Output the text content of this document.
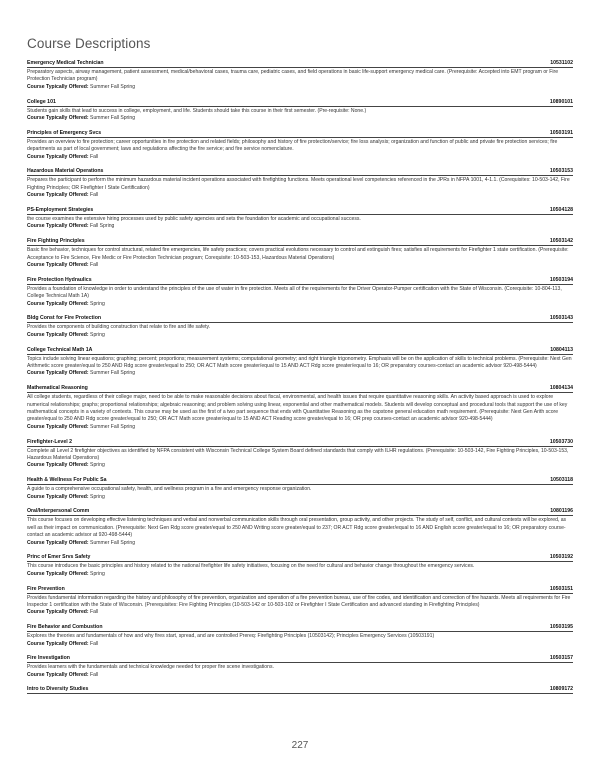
Course Descriptions
Emergency Medical Technician	10531102
Preparatory aspects, airway management, patient assessment, medical/behavioral cases, trauma care, pediatric cases, and field operations in basic life-support emergency medical care. (Prerequisite: Accepted into EMT program or Fire Protection Technician program)
Course Typically Offered: Summer Fall Spring
College 101	10890101
Students gain skills that lead to success in college, employment, and life. Students should take this course in their first semester. (Pre-requisite: None.)
Course Typically Offered: Summer Fall Spring
Principles of Emergency Svcs	10503191
Provides an overview to fire protection; career opportunities in fire protection and related fields; philosophy and history of fire protection/service; fire loss analysis; organization and function of public and private fire protection services; fire departments as part of local government; laws and regulations affecting the fire service; and fire service nomenclature.
Course Typically Offered: Fall
Hazardous Material Operations	10503153
Prepares the participant to perform the minimum hazardous material incident operations associated with firefighting functions. Meets operational level competencies referenced in the JPRs in NFPA 1001, 4-1.1. (Corequisites: 10-503-142, Fire Fighting Principles; OR Firefighter I State Certification)
Course Typically Offered: Fall
PS-Employment Strategies	10504128
the course examines the extensive hiring processes used by public safety agencies and sets the foundation for academic and occupational success.
Course Typically Offered: Fall Spring
Fire Fighting Principles	10503142
Basic fire behavior, techniques for control structural, related fire emergencies, life safety practices; covers practical evolutions necessary to control and extinguish fires; satisfies all requirements for Firefighter 1 state certification. (Prerequisite: Acceptance to Fire Science, Fire Medic or Fire Protection Technician program; Corequisite: 10-503-153, Hazardous Material Operations)
Course Typically Offered: Fall
Fire Protection Hydraulics	10503194
Provides a foundation of knowledge in order to understand the principles of the use of water in fire protection. Meets all of the requirements for the Driver Operator-Pumper certification with the State of Wisconsin. (Corequisite: 10-804-113, College Technical Math 1A)
Course Typically Offered: Spring
Bldg Const for Fire Protection	10503143
Provides the components of building construction that relate to fire and life safety.
Course Typically Offered: Spring
College Technical Math 1A	10804113
Topics include solving linear equations; graphing; percent; proportions; measurement systems; computational geometry; and right triangle trigonometry. Emphasis will be on the application of skills to technical problems. (Prerequisite: Next Gen Arithmetic score greater/equal to 250 AND Rdg score greater/equal to 250; OR ACT Math score greater/equal to 15 AND ACT Rdg score greater/equal to 16; OR preparatory courses-contact an academic advisor 920-498-5444)
Course Typically Offered: Summer Fall Spring
Mathematical Reasoning	10804134
All college students, regardless of their college major, need to be able to make reasonable decisions about fiscal, environmental, and health issues that require quantitative reasoning skills. An activity based approach is used to explore numerical relationships; graphs; proportional relationships; algebraic reasoning; and problem solving using linear, exponential and other mathematical models. Students will develop conceptual and procedural tools that support the use of key mathematical concepts in a variety of contexts. This course may be used as the first of a two part sequence that ends with Quantitative Reasoning as the capstone general education math requirement. (Prerequisite: Next Gen Arith score greater/equal to 250 AND Rdg score greater/equal to 250; OR ACT Math score greater/equal to 15 AND ACT Reading score greater/equal to 16; OR prep courses-contact an academic advisor 920-498-5444)
Course Typically Offered: Summer Fall Spring
Firefighter-Level 2	10503730
Complete all Level 2 firefighter objectives as identified by NFPA consistent with Wisconsin Technical College System Board defined standards that comply with ILHR regulations. (Prerequisite: 10-503-142, Fire Fighting Principles, 10-503-153, Hazardous Material Operations)
Course Typically Offered: Spring
Health & Wellness For Public Sa	10503118
A guide to a comprehensive occupational safety, health, and wellness program in a fire and emergency response organization.
Course Typically Offered: Spring
Oral/Interpersonal Comm	10801196
This course focuses on developing effective listening techniques and verbal and nonverbal communication skills through oral presentation, group activity, and other projects. The study of self, conflict, and cultural contexts will be explored, as well as their impact on communication. (Prerequisite: Next Gen Rdg score greater/equal to 250 AND Writing score greater/equal to 237; OR ACT Rdg score greater/equal to 16 AND English score greater/equal to 16; OR preparatory course-contact an academic advisor at 920-498-5444)
Course Typically Offered: Summer Fall Spring
Princ of Emer Srvs Safety	10503192
This course introduces the basic principles and history related to the national firefighter life safety initiatives, focusing on the need for cultural and behavior change throughout the emergency services.
Course Typically Offered: Spring
Fire Prevention	10503151
Provides fundamental information regarding the history and philosophy of fire prevention, organization and operation of a fire prevention bureau, use of fire codes, and identification and correction of fire hazards. Meets all requirements for Fire Inspector 1 certification with the State of Wisconsin. (Prerequisites: Fire Fighting Principles (10-503-142 or 10-503-102 or Firefighter I State Certification and advanced standing in Firefighting Principles)
Course Typically Offered: Fall
Fire Behavior and Combustion	10503195
Explores the theories and fundamentals of how and why fires start, spread, and are controlled Prereq: Firefighting Principles (10503142); Principles Emergency Services (10503191)
Course Typically Offered: Fall
Fire Investigation	10503157
Provides learners with the fundamentals and technical knowledge needed for proper fire scene investigations.
Course Typically Offered: Fall
Intro to Diversity Studies	10809172
227
